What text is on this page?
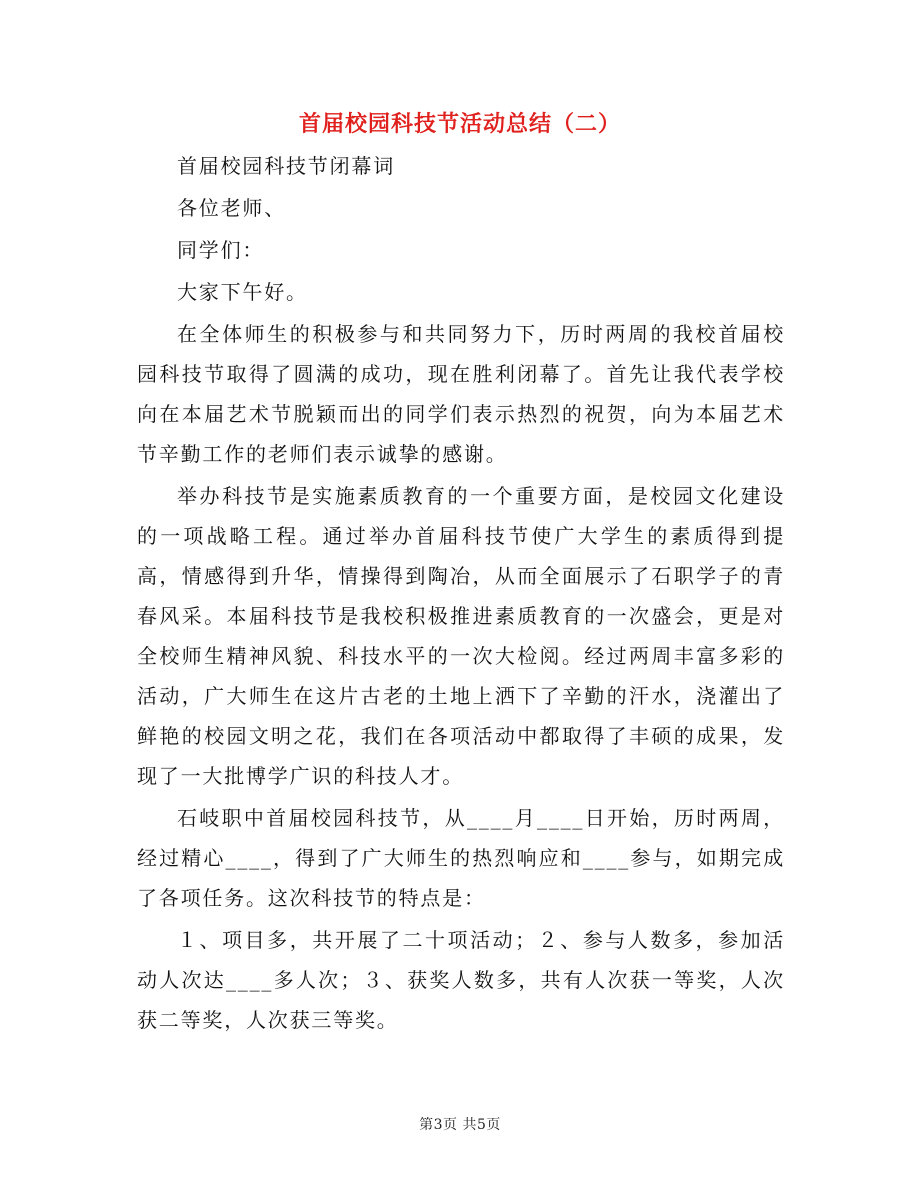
首届校园科技节活动总结（二）

首届校园科技节闭幕词

各位老师、

同学们：

大家下午好。

在全体师生的积极参与和共同努力下，历时两周的我校首届校园科技节取得了圆满的成功，现在胜利闭幕了。首先让我代表学校向在本届艺术节脱颖而出的同学们表示热烈的祝贺，向为本届艺术节辛勤工作的老师们表示诚挚的感谢。

举办科技节是实施素质教育的一个重要方面，是校园文化建设的一项战略工程。通过举办首届科技节使广大学生的素质得到提高，情感得到升华，情操得到陶冶，从而全面展示了石职学子的青春风采。本届科技节是我校积极推进素质教育的一次盛会，更是对全校师生精神风貌、科技水平的一次大检阅。经过两周丰富多彩的活动，广大师生在这片古老的土地上洒下了辛勤的汗水，浇灌出了鲜艳的校园文明之花，我们在各项活动中都取得了丰硕的成果，发现了一大批博学广识的科技人才。

石岐职中首届校园科技节，从____月____日开始，历时两周，经过精心____，得到了广大师生的热烈响应和____参与，如期完成了各项任务。这次科技节的特点是：

１、项目多，共开展了二十项活动；２、参与人数多，参加活动人次达____多人次；３、获奖人数多，共有人次获一等奖，人次获二等奖，人次获三等奖。

第3页 共5页
